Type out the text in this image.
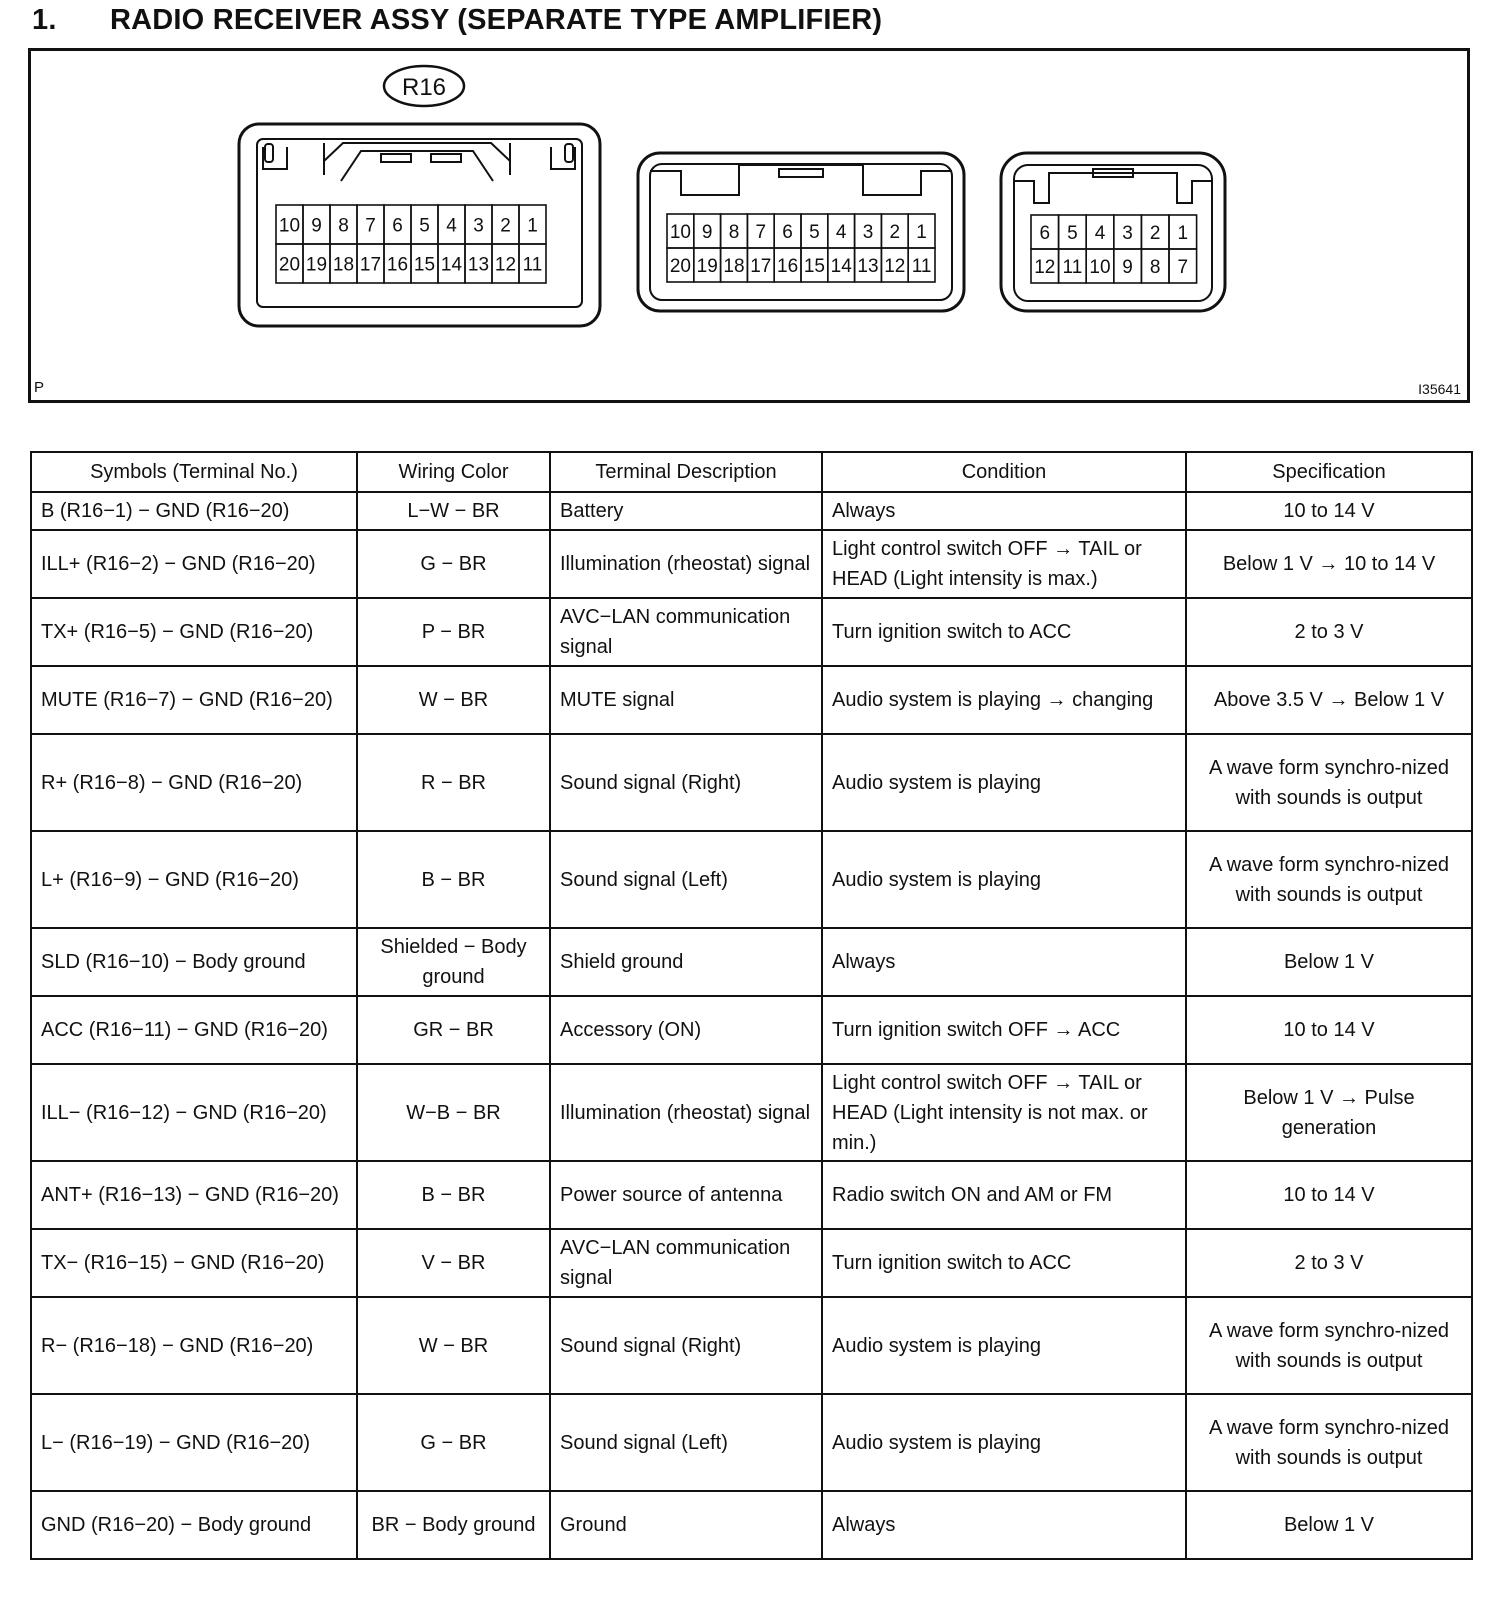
1. RADIO RECEIVER ASSY (SEPARATE TYPE AMPLIFIER)
R16
10 9 8 7 6 5 4 3 2 1
20 19 18 17 16 15 14 13 12 11
10 9 8 7 6 5 4 3 2 1
20 19 18 17 16 15 14 13 12 11
6 5 4 3 2 1
12 11 10 9 8 7
P	I35641
Symbols (Terminal No.)	Wiring Color	Terminal Description	Condition	Specification
B (R16−1) − GND (R16−20)	L−W − BR	Battery	Always	10 to 14 V
ILL+ (R16−2) − GND (R16−20)	G − BR	Illumination (rheostat) signal	Light control switch OFF → TAIL or HEAD (Light intensity is max.)	Below 1 V → 10 to 14 V
TX+ (R16−5) − GND (R16−20)	P − BR	AVC−LAN communication signal	Turn ignition switch to ACC	2 to 3 V
MUTE (R16−7) − GND (R16−20)	W − BR	MUTE signal	Audio system is playing → changing	Above 3.5 V → Below 1 V
R+ (R16−8) − GND (R16−20)	R − BR	Sound signal (Right)	Audio system is playing	A wave form synchro-nized with sounds is output
L+ (R16−9) − GND (R16−20)	B − BR	Sound signal (Left)	Audio system is playing	A wave form synchro-nized with sounds is output
SLD (R16−10) − Body ground	Shielded − Body ground	Shield ground	Always	Below 1 V
ACC (R16−11) − GND (R16−20)	GR − BR	Accessory (ON)	Turn ignition switch OFF → ACC	10 to 14 V
ILL− (R16−12) − GND (R16−20)	W−B − BR	Illumination (rheostat) signal	Light control switch OFF → TAIL or HEAD (Light intensity is not max. or min.)	Below 1 V → Pulse generation
ANT+ (R16−13) − GND (R16−20)	B − BR	Power source of antenna	Radio switch ON and AM or FM	10 to 14 V
TX− (R16−15) − GND (R16−20)	V − BR	AVC−LAN communication signal	Turn ignition switch to ACC	2 to 3 V
R− (R16−18) − GND (R16−20)	W − BR	Sound signal (Right)	Audio system is playing	A wave form synchro-nized with sounds is output
L− (R16−19) − GND (R16−20)	G − BR	Sound signal (Left)	Audio system is playing	A wave form synchro-nized with sounds is output
GND (R16−20) − Body ground	BR − Body ground	Ground	Always	Below 1 V
